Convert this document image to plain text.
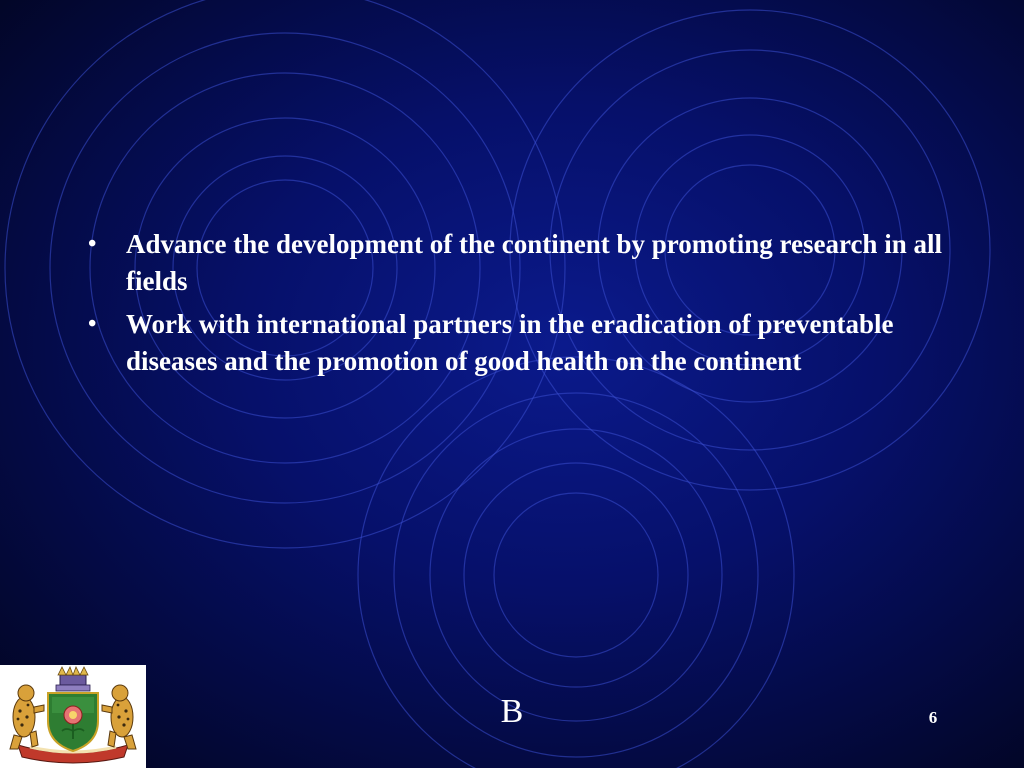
• Advance the development of the continent by promoting research in all fields
• Work with international partners in the eradication of preventable diseases and the promotion of good health on the continent
B	6
